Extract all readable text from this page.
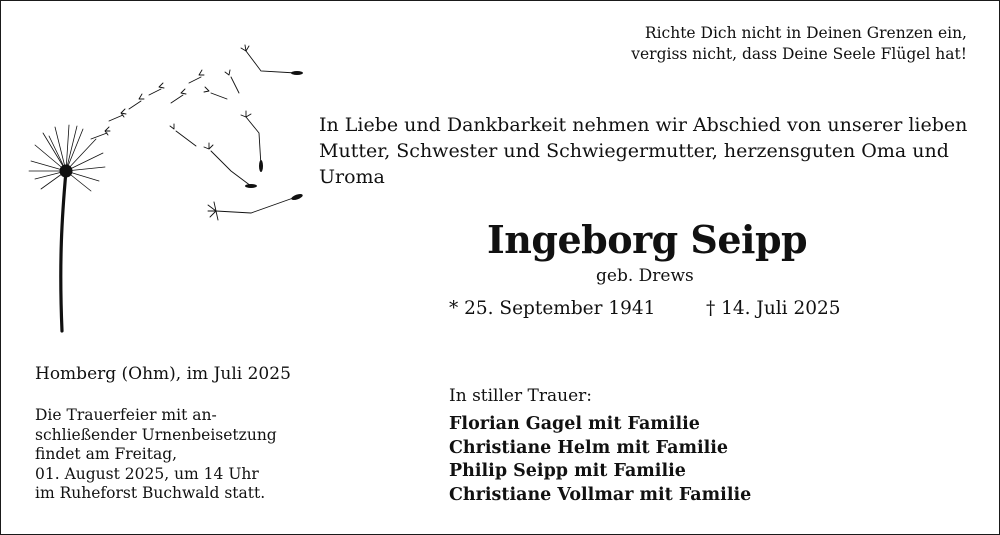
Richte Dich nicht in Deinen Grenzen ein,
vergiss nicht, dass Deine Seele Flügel hat!
In Liebe und Dankbarkeit nehmen wir Abschied von unserer lieben
Mutter, Schwester und Schwiegermutter, herzensguten Oma und
Uroma
Ingeborg Seipp
geb. Drews
* 25. September 1941	† 14. Juli 2025
Homberg (Ohm), im Juli 2025
Die Trauerfeier mit an-
schließender Urnenbeisetzung
findet am Freitag,
01. August 2025, um 14 Uhr
im Ruheforst Buchwald statt.
In stiller Trauer:
Florian Gagel mit Familie
Christiane Helm mit Familie
Philip Seipp mit Familie
Christiane Vollmar mit Familie
